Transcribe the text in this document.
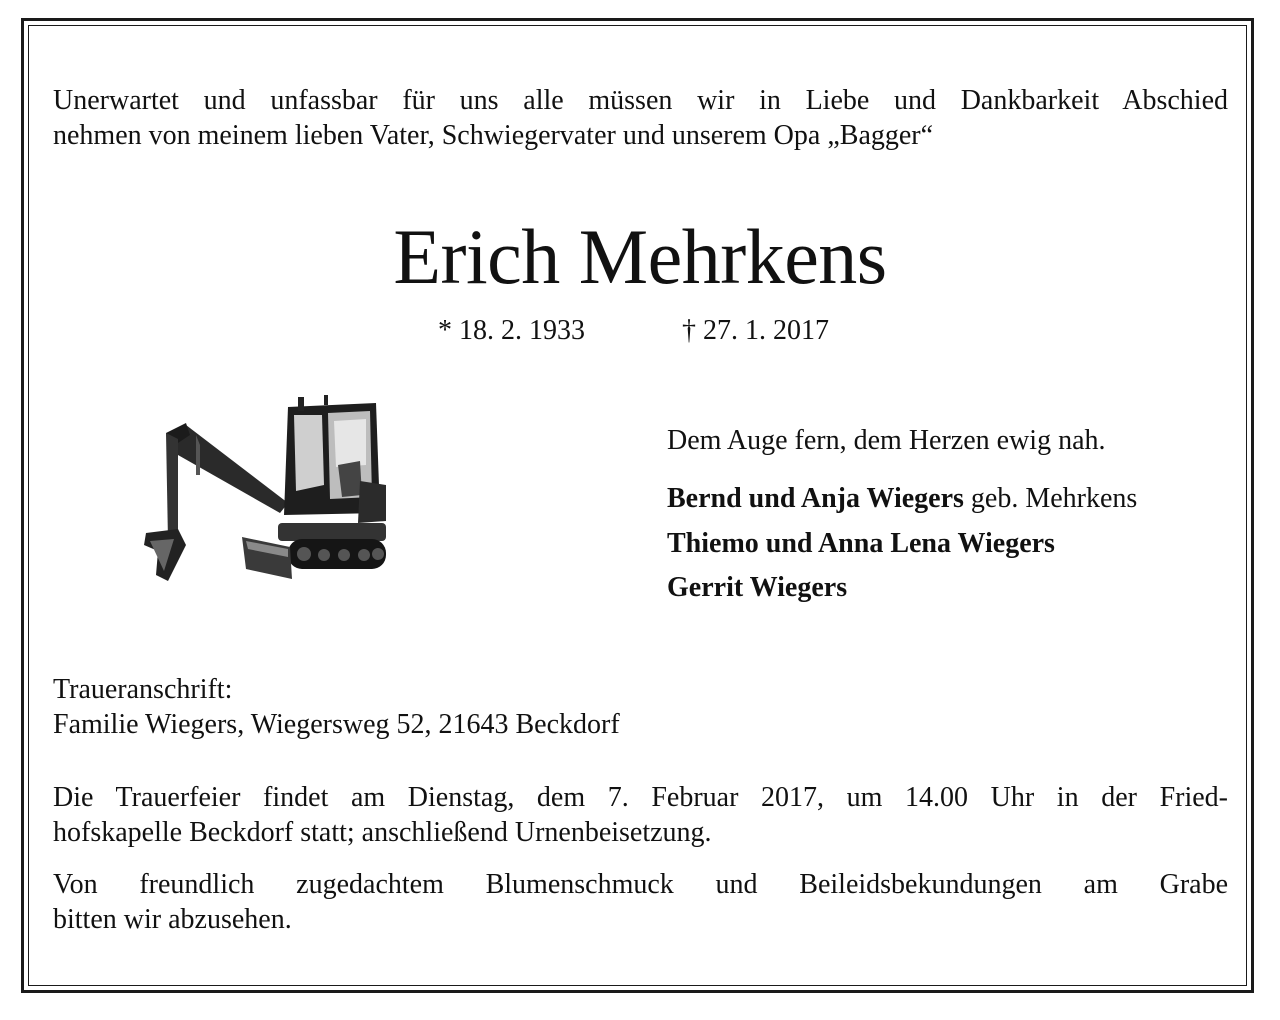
Unerwartet und unfassbar für uns alle müssen wir in Liebe und Dankbarkeit Abschied
nehmen von meinem lieben Vater, Schwiegervater und unserem Opa „Bagger“
Erich Mehrkens
* 18. 2. 1933	† 27. 1. 2017
Dem Auge fern, dem Herzen ewig nah.
Bernd und Anja Wiegers geb. Mehrkens
Thiemo und Anna Lena Wiegers
Gerrit Wiegers
Traueranschrift:
Familie Wiegers, Wiegersweg 52, 21643 Beckdorf
Die Trauerfeier findet am Dienstag, dem 7. Februar 2017, um 14.00 Uhr in der Fried-
hofskapelle Beckdorf statt; anschließend Urnenbeisetzung.
Von freundlich zugedachtem Blumenschmuck und Beileidsbekundungen am Grabe
bitten wir abzusehen.
